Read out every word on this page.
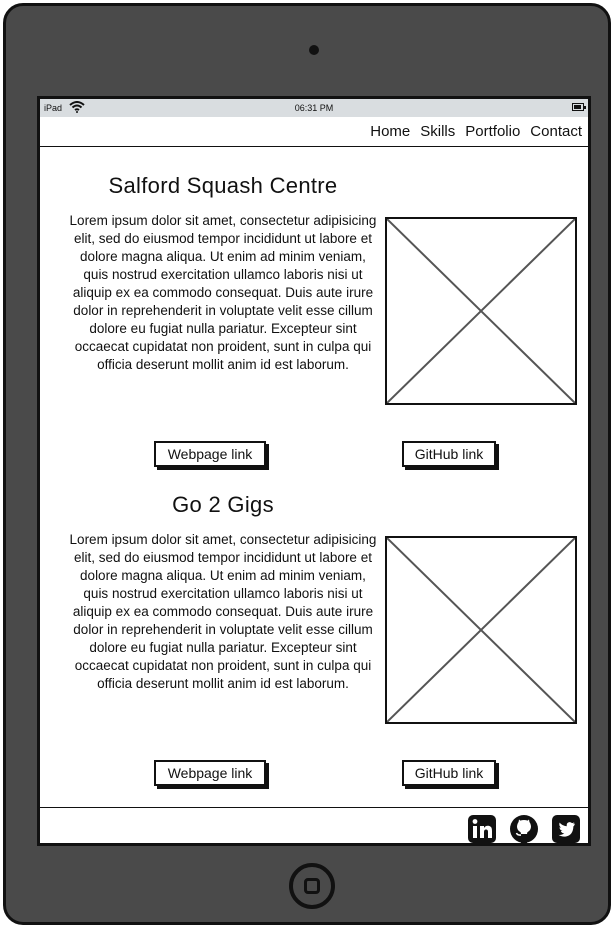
iPad	06:31 PM
Home Skills Portfolio Contact
Salford Squash Centre
Lorem ipsum dolor sit amet, consectetur adipisicing elit, sed do eiusmod tempor incididunt ut labore et dolore magna aliqua. Ut enim ad minim veniam, quis nostrud exercitation ullamco laboris nisi ut aliquip ex ea commodo consequat. Duis aute irure dolor in reprehenderit in voluptate velit esse cillum dolore eu fugiat nulla pariatur. Excepteur sint occaecat cupidatat non proident, sunt in culpa qui officia deserunt mollit anim id est laborum.
Webpage link	GitHub link
Go 2 Gigs
Lorem ipsum dolor sit amet, consectetur adipisicing elit, sed do eiusmod tempor incididunt ut labore et dolore magna aliqua. Ut enim ad minim veniam, quis nostrud exercitation ullamco laboris nisi ut aliquip ex ea commodo consequat. Duis aute irure dolor in reprehenderit in voluptate velit esse cillum dolore eu fugiat nulla pariatur. Excepteur sint occaecat cupidatat non proident, sunt in culpa qui officia deserunt mollit anim id est laborum.
Webpage link	GitHub link
